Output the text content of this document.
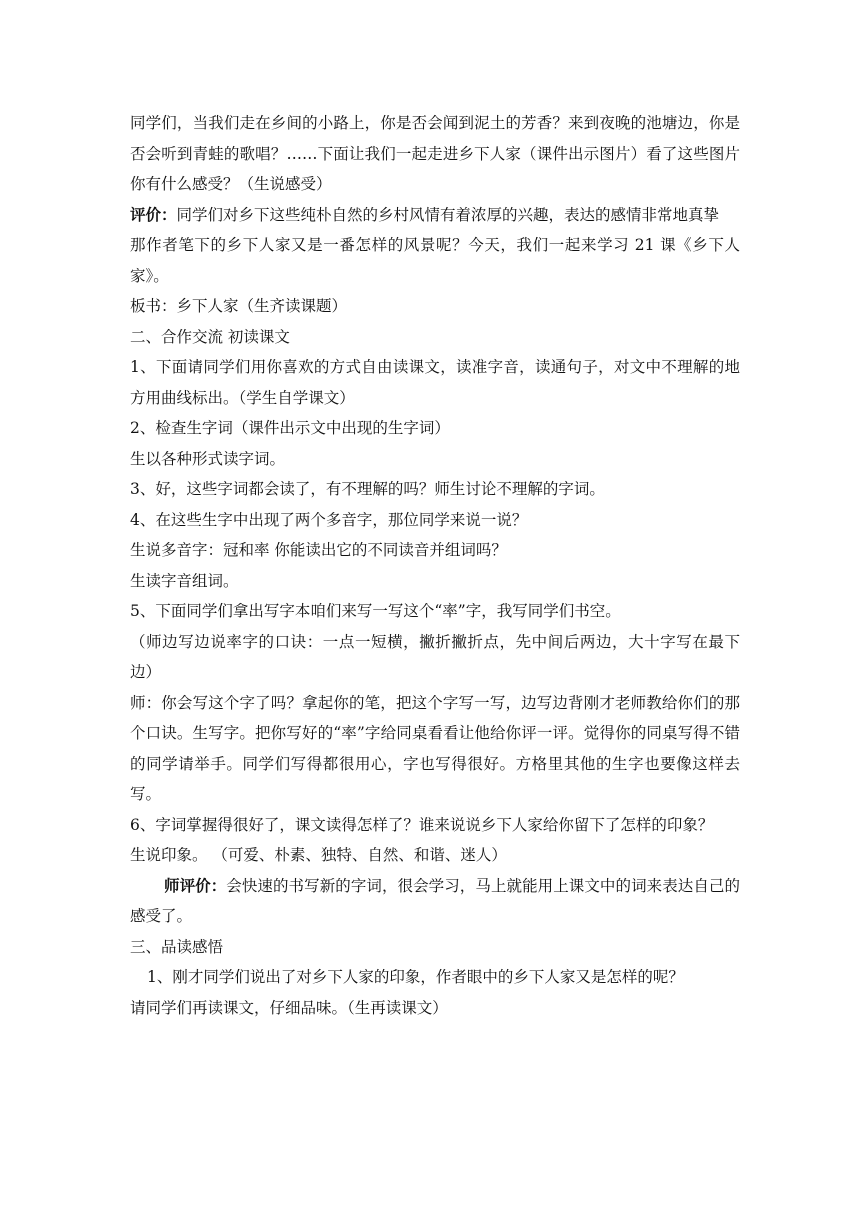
同学们，当我们走在乡间的小路上，你是否会闻到泥土的芳香？来到夜晚的池塘边，你是否会听到青蛙的歌唱？……下面让我们一起走进乡下人家（课件出示图片）看了这些图片你有什么感受？（生说感受）

评价：同学们对乡下这些纯朴自然的乡村风情有着浓厚的兴趣，表达的感情非常地真挚

那作者笔下的乡下人家又是一番怎样的风景呢？今天，我们一起来学习 21 课《乡下人家》。

板书：乡下人家（生齐读课题）

二、合作交流 初读课文

1、下面请同学们用你喜欢的方式自由读课文，读准字音，读通句子，对文中不理解的地方用曲线标出。（学生自学课文）

2、检查生字词（课件出示文中出现的生字词）

生以各种形式读字词。

3、好，这些字词都会读了，有不理解的吗？师生讨论不理解的字词。

4、在这些生字中出现了两个多音字，那位同学来说一说？

生说多音字：冠和率 你能读出它的不同读音并组词吗？

生读字音组词。

5、下面同学们拿出写字本咱们来写一写这个“率”字，我写同学们书空。

（师边写边说率字的口诀：一点一短横，撇折撇折点，先中间后两边，大十字写在最下边）

师：你会写这个字了吗？拿起你的笔，把这个字写一写，边写边背刚才老师教给你们的那个口诀。生写字。把你写好的“率”字给同桌看看让他给你评一评。觉得你的同桌写得不错的同学请举手。同学们写得都很用心，字也写得很好。方格里其他的生字也要像这样去写。

6、字词掌握得很好了，课文读得怎样了？谁来说说乡下人家给你留下了怎样的印象？

生说印象。 （可爱、朴素、独特、自然、和谐、迷人）

师评价：会快速的书写新的字词，很会学习，马上就能用上课文中的词来表达自己的感受了。

三、品读感悟

1、刚才同学们说出了对乡下人家的印象，作者眼中的乡下人家又是怎样的呢？

请同学们再读课文，仔细品味。（生再读课文）
